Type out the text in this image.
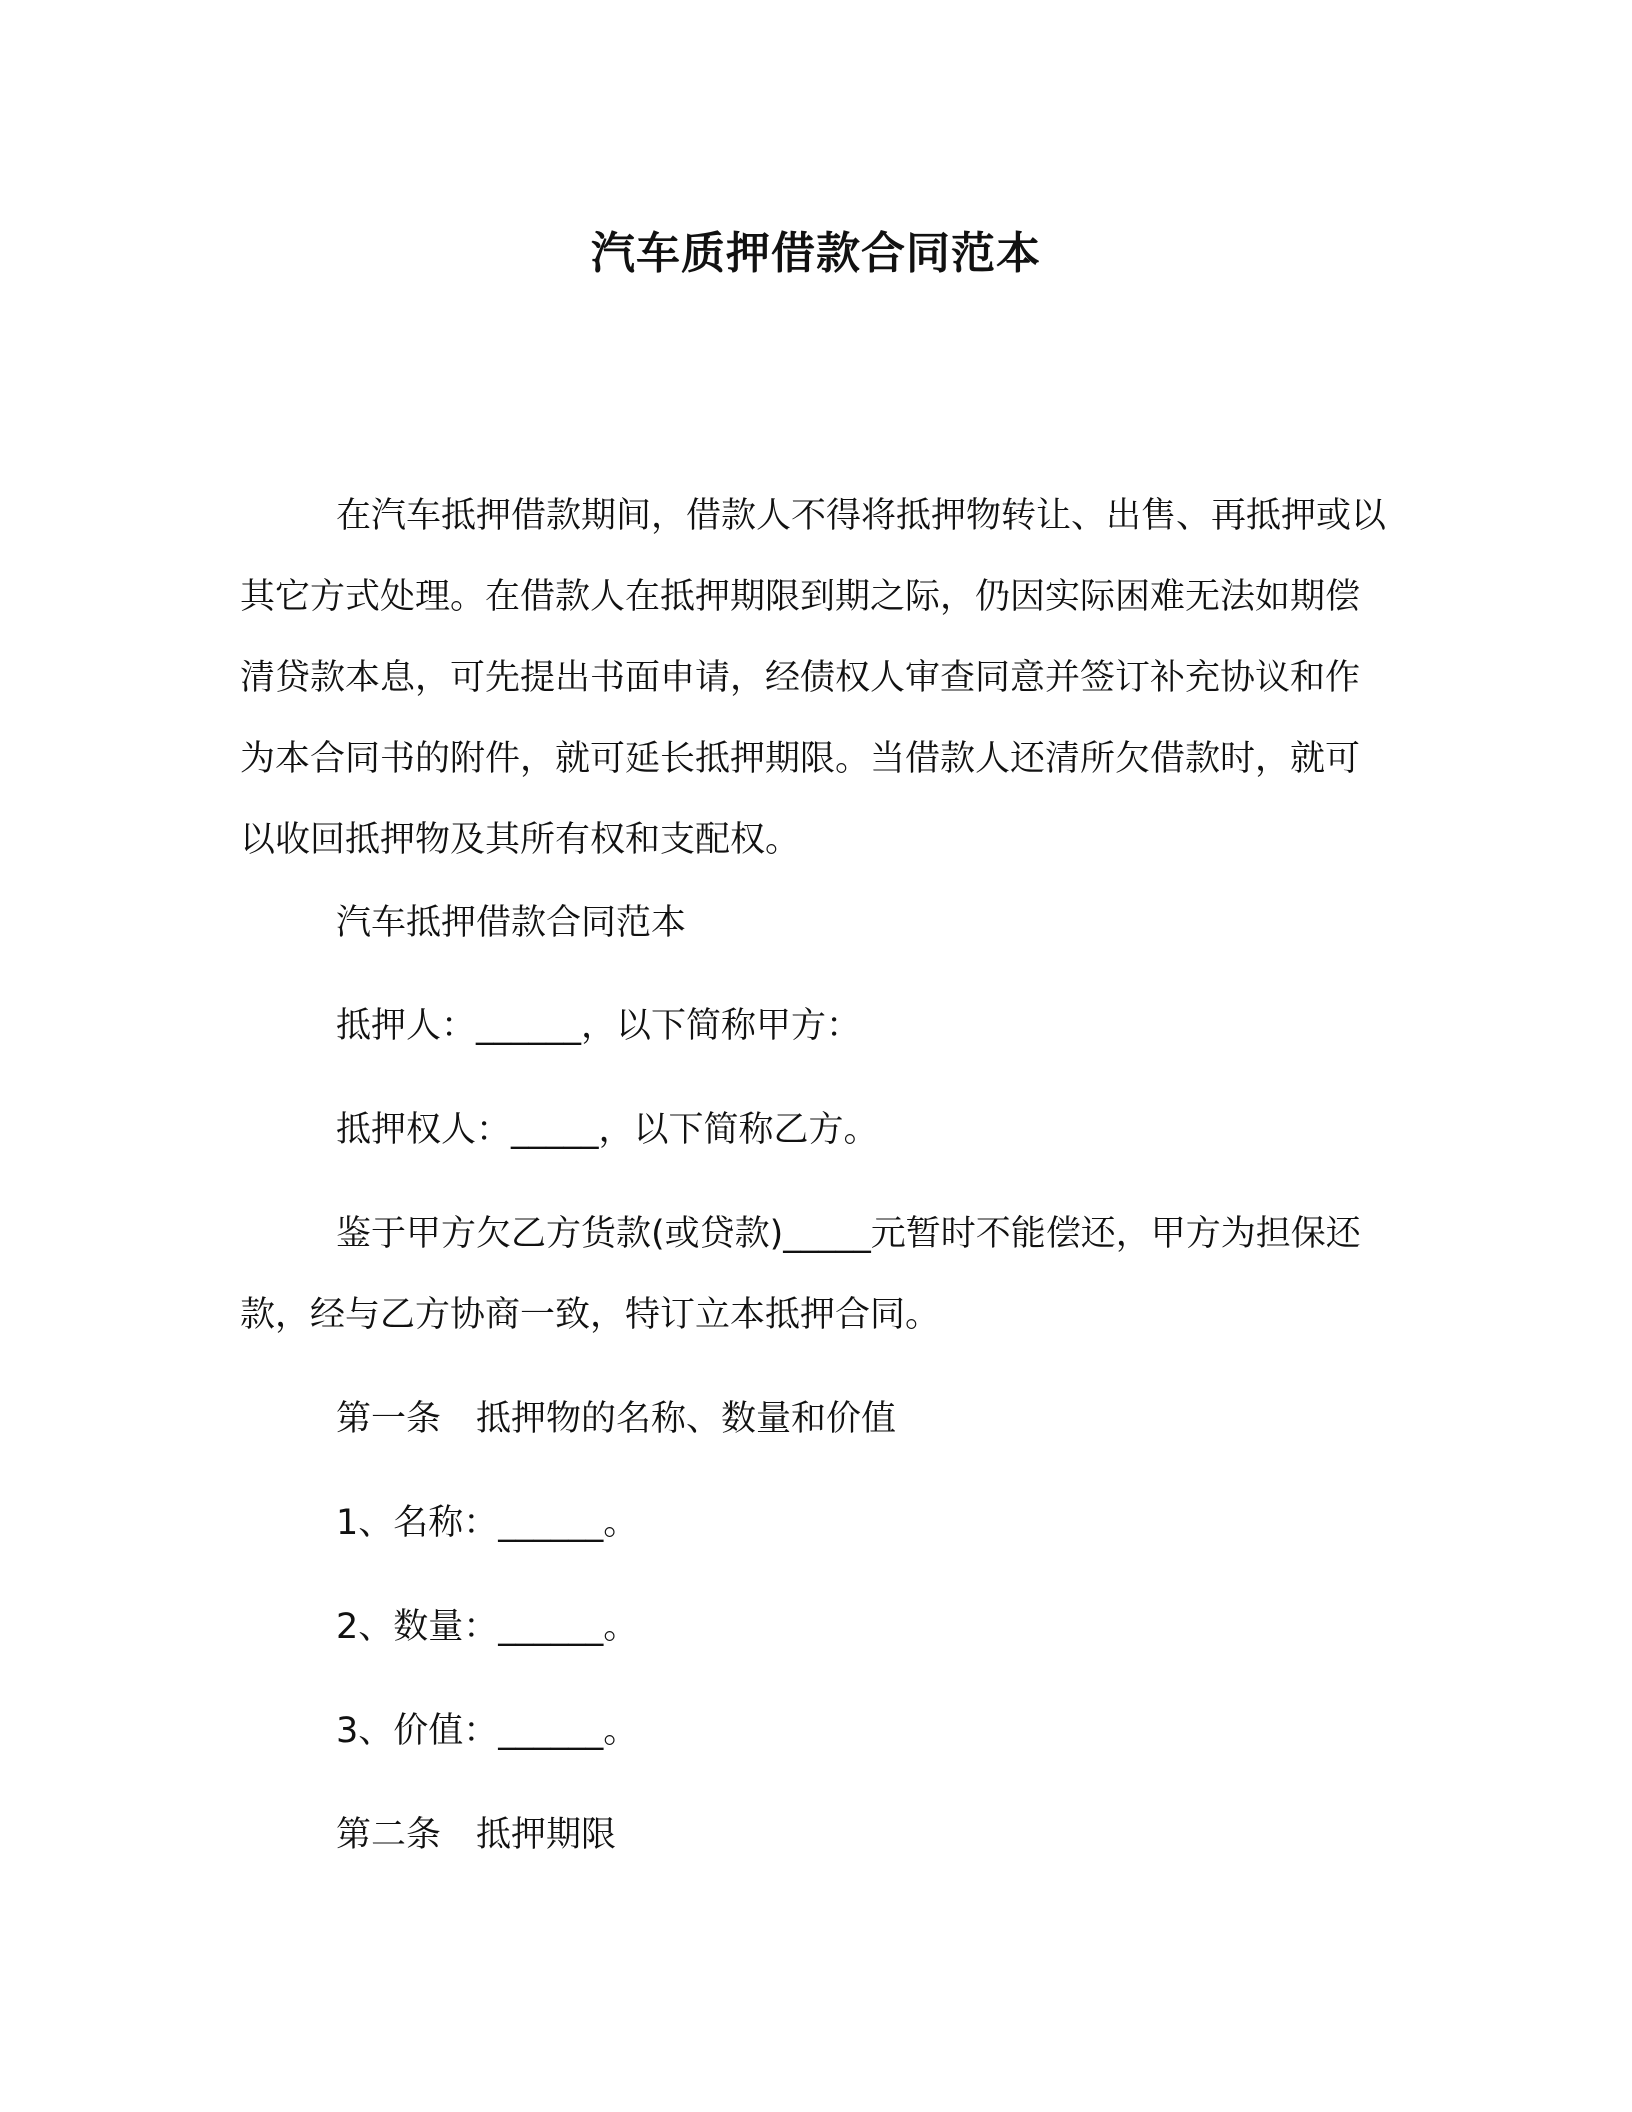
汽车质押借款合同范本

在汽车抵押借款期间，借款人不得将抵押物转让、出售、再抵押或以其它方式处理。在借款人在抵押期限到期之际，仍因实际困难无法如期偿清贷款本息，可先提出书面申请，经债权人审查同意并签订补充协议和作为本合同书的附件，就可延长抵押期限。当借款人还清所欠借款时，就可以收回抵押物及其所有权和支配权。

汽车抵押借款合同范本

抵押人：______，以下简称甲方：

抵押权人：_____，以下简称乙方。

鉴于甲方欠乙方货款(或贷款)_____元暂时不能偿还，甲方为担保还款，经与乙方协商一致，特订立本抵押合同。

第一条　抵押物的名称、数量和价值

1、名称：______。

2、数量：______。

3、价值：______。

第二条　抵押期限
